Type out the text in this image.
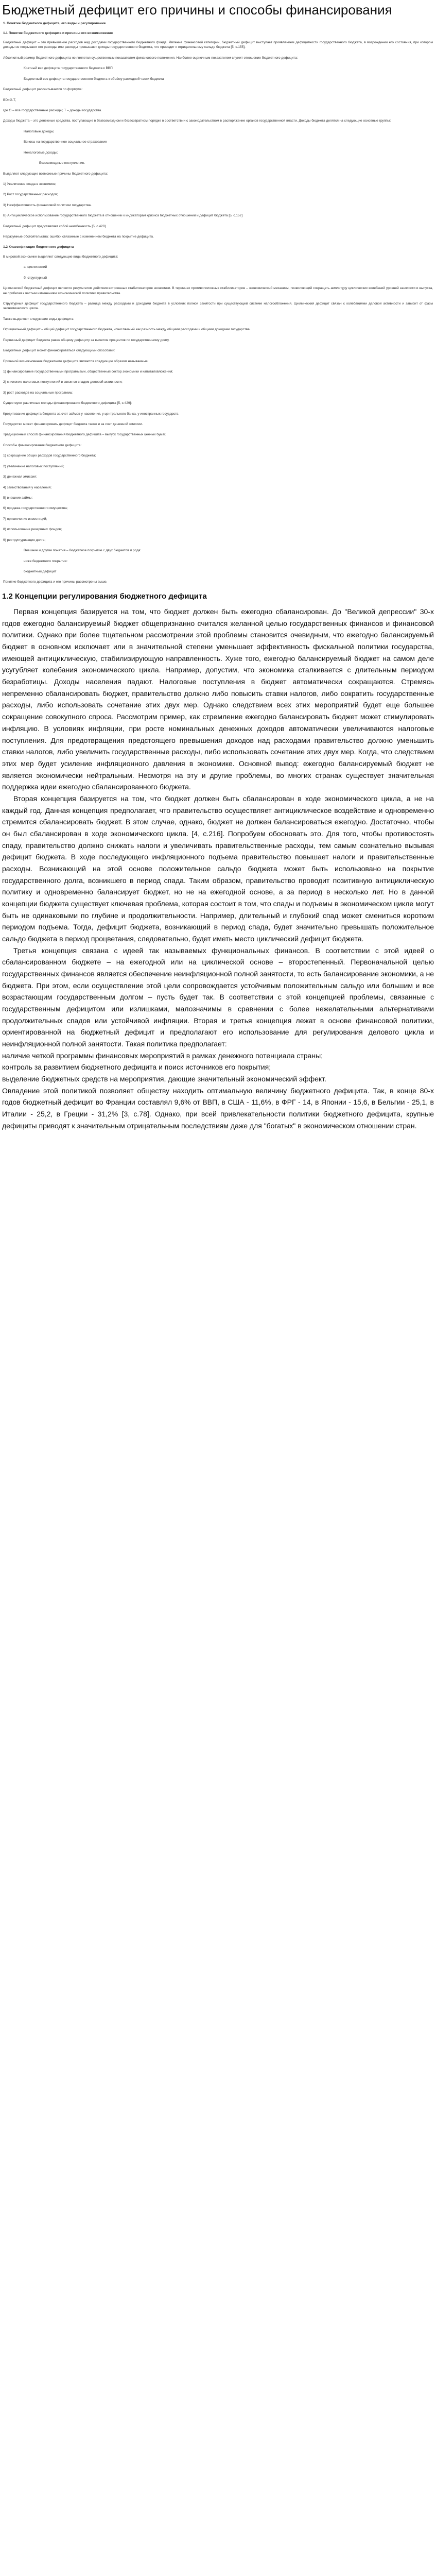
Бюджетный дефицит его причины и способы финансирования

1. Понятие бюджетного дефицита, его виды и регулирование

1.1 Понятие бюджетного дефицита и причины его возникновения

Бюджетный дефицит – это превышение расходов над доходами государственного бюджетного фонда. Явление финансовой категории, бюджетный дефицит выступает проявлением дефицитности государственного бюджета, в возрождении его состояния, при котором доходы не покрывают его расходы или расходы превышают доходы государственного бюджета, что приводит к отрицательному сальдо бюджета [5, с.155].

Абсолютный размер бюджетного дефицита не является существенным показателем финансового положения. Наиболее оценочным показателем служит отношение бюджетного дефицита:

Кратный вес дефицита государственного бюджета к ВВП

Бюджетный вес дефицита государственного бюджета к объёму расходной части бюджета

Бюджетный дефицит рассчитывается по формуле:

BD=G-T,

где G – все государственные расходы; T – доходы государства.

Доходы бюджета – это денежные средства, поступающие в безвозмездном и безвозвратном порядке в соответствии с законодательством в распоряжение органов государственной власти. Доходы бюджета делятся на следующие основные группы:

Налоговые доходы;

Взносы на государственное социальное страхование

Неналоговые доходы;

Безвозмездные поступления.

Выделяют следующие возможные причины бюджетного дефицита:

1) Увеличение спада в экономике;

2) Рост государственных расходов;

3) Неэффективность финансовой политики государства.

В) Антициклическое использование государственного бюджета в отношении к индикаторам кризиса бюджетных отношений и дефицит бюджета [5, с.152]

Бюджетный дефицит представляет собой неизбежность [5, с.420]

Неразумные обстоятельства: ошибки связанные с изменением бюджета на покрытие дефицита.

1.2 Классификация бюджетного дефицита

В мировой экономике выделяют следующие виды бюджетного дефицита:

а. циклический

б. структурный

Циклический бюджетный дефицит является результатом действия встроенных стабилизаторов экономики. В терминах противоположных стабилизаторов – экономический механизм, позволяющий сокращать амплитуду циклических колебаний уровней занятости и выпуска, не прибегая к частым изменениям экономической политики правительства.

Структурный дефицит государственного бюджета – разница между расходами и доходами бюджета в условиях полной занятости при существующей системе налогообложения. Циклический дефицит связан с колебаниями деловой активности и зависит от фазы экономического цикла.

Также выделяют следующие виды дефицита:

Официальный дефицит – общий дефицит государственного бюджета, исчисляемый как разность между общими расходами и общими доходами государства.

Первичный дефицит бюджета равен общему дефициту за вычетом процентов по государственному долгу.

Бюджетный дефицит может финансироваться следующими способами:

Причиной возникновения бюджетного дефицита являются следующие образом называемые:

1) финансирование государственными программами, общественный сектор экономики и капиталовложения;

2) снижение налоговых поступлений в связи со спадом деловой активности;

3) рост расходов на социальные программы;

Существуют различные методы финансирования бюджетного дефицита [5, с.429]:

Кредитование дефицита бюджета за счет займов у населения, у центрального банка, у иностранных государств.

Государство может финансировать дефицит бюджета также и за счет денежной эмиссии.

Традиционный способ финансирования бюджетного дефицита – выпуск государственных ценных бумаг.

Способы финансирования бюджетного дефицита:

1) сокращение общих расходов государственного бюджета;

2) увеличение налоговых поступлений;

3) денежная эмиссия;

4) заимствования у населения;

5) внешние займы;

6) продажа государственного имущества;

7) привлечение инвестиций;

8) использование резервных фондов;

9) реструктуризация долга;

Внешние и другие понятия – бюджетное покрытие с двух бюджетов и рода:

ниже бюджетного покрытия:

бюджетный дефицит

Понятие бюджетного дефицита и его причины рассмотрены выше.

1.2 Концепции регулирования бюджетного дефицита

Первая концепция базируется на том, что бюджет должен быть ежегодно сбалансирован. До "Великой депрессии" 30-х годов ежегодно балансируемый бюджет общепризнанно считался желанной целью государственных финансов и финансовой политики. Однако при более тщательном рассмотрении этой проблемы становится очевидным, что ежегодно балансируемый бюджет в основном исключает или в значительной степени уменьшает эффективность фискальной политики государства, имеющей антициклическую, стабилизирующую направленность. Хуже того, ежегодно балансируемый бюджет на самом деле усугубляет колебания экономического цикла. Например, допустим, что экономика сталкивается с длительным периодом безработицы. Доходы населения падают. Налоговые поступления в бюджет автоматически сокращаются. Стремясь непременно сбалансировать бюджет, правительство должно либо повысить ставки налогов, либо сократить государственные расходы, либо использовать сочетание этих двух мер. Однако следствием всех этих мероприятий будет еще большее сокращение совокупного спроса. Рассмотрим пример, как стремление ежегодно балансировать бюджет может стимулировать инфляцию. В условиях инфляции, при росте номинальных денежных доходов автоматически увеличиваются налоговые поступления. Для предотвращения предстоящего превышения доходов над расходами правительство должно уменьшить ставки налогов, либо увеличить государственные расходы, либо использовать сочетание этих двух мер. Когда, что следствием этих мер будет усиление инфляционного давления в экономике. Основной вывод: ежегодно балансируемый бюджет не является экономически нейтральным. Несмотря на эту и другие проблемы, во многих странах существует значительная поддержка идеи ежегодно сбалансированного бюджета.

Вторая концепция базируется на том, что бюджет должен быть сбалансирован в ходе экономического цикла, а не на каждый год. Данная концепция предполагает, что правительство осуществляет антициклическое воздействие и одновременно стремится сбалансировать бюджет. В этом случае, однако, бюджет не должен балансироваться ежегодно. Достаточно, чтобы он был сбалансирован в ходе экономического цикла. [4, с.216]. Попробуем обосновать это. Для того, чтобы противостоять спаду, правительство должно снижать налоги и увеличивать правительственные расходы, тем самым сознательно вызывая дефицит бюджета. В ходе последующего инфляционного подъема правительство повышает налоги и правительственные расходы. Возникающий на этой основе положительное сальдо бюджета может быть использовано на покрытие государственного долга, возникшего в период спада. Таким образом, правительство проводит позитивную антициклическую политику и одновременно балансирует бюджет, но не на ежегодной основе, а за период в несколько лет. Но в данной концепции бюджета существует ключевая проблема, которая состоит в том, что спады и подъемы в экономическом цикле могут быть не одинаковыми по глубине и продолжительности. Например, длительный и глубокий спад может смениться коротким периодом подъема. Тогда, дефицит бюджета, возникающий в период спада, будет значительно превышать положительное сальдо бюджета в период процветания, следовательно, будет иметь место циклический дефицит бюджета.

Третья концепция связана с идеей так называемых функциональных финансов. В соответствии с этой идеей о сбалансированном бюджете – на ежегодной или на циклической основе – второстепенный. Первоначальной целью государственных финансов является обеспечение неинфляционной полной занятости, то есть балансирование экономики, а не бюджета. При этом, если осуществление этой цели сопровождается устойчивым положительным сальдо или большим и все возрастающим государственным долгом – пусть будет так. В соответствии с этой концепцией проблемы, связанные с государственным дефицитом или излишками, малозначимы в сравнении с более нежелательными альтернативами продолжительных спадов или устойчивой инфляции. Вторая и третья концепция лежат в основе финансовой политики, ориентированной на бюджетный дефицит и предполагают его использование для регулирования делового цикла и неинфляционной полной занятости. Такая политика предполагает:

наличие четкой программы финансовых мероприятий в рамках денежного потенциала страны;

контроль за развитием бюджетного дефицита и поиск источников его покрытия;

выделение бюджетных средств на мероприятия, дающие значительный экономический эффект.

Овладение этой политикой позволяет обществу находить оптимальную величину бюджетного дефицита. Так, в конце 80-х годов бюджетный дефицит во Франции составлял 9,6% от ВВП, в США - 11,6%, в ФРГ - 14, в Японии - 15,6, в Бельгии - 25,1, в Италии - 25,2, в Греции - 31,2% [3, с.78]. Однако, при всей привлекательности политики бюджетного дефицита, крупные дефициты приводят к значительным отрицательным последствиям даже для "богатых" в экономическом отношении стран.
